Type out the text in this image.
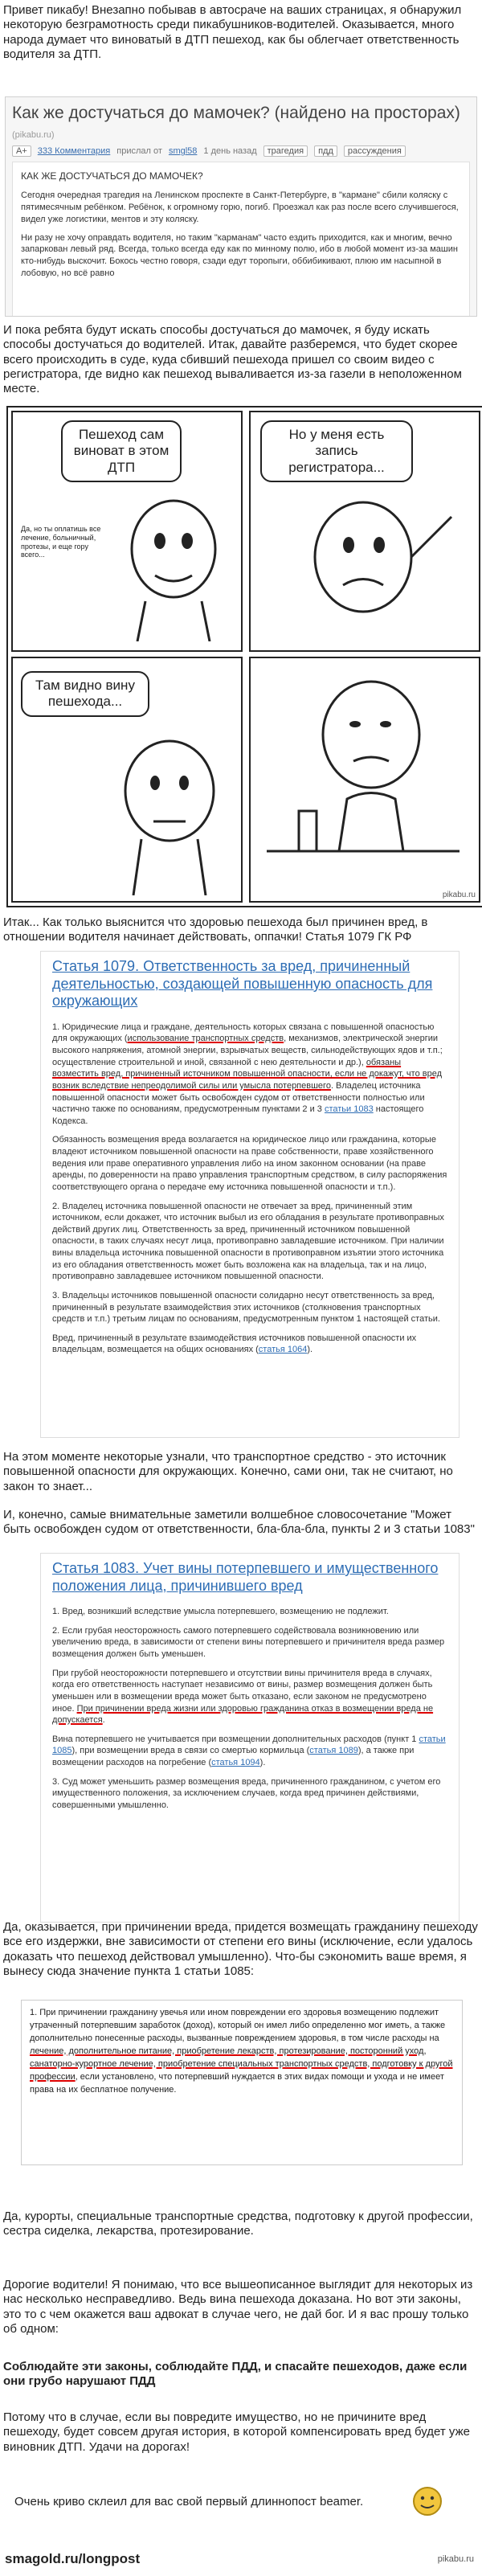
Привет пикабу! Внезапно побывав в автосраче на ваших страницах, я обнаружил некоторую безграмотность среди пикабушников-водителей. Оказывается, много народа думает что виноватый в ДТП пешеход, как бы облегчает ответственность водителя за ДТП.

Как же достучаться до мамочек? (найдено на просторах) (pikabu.ru)
A+	333 Комментария прислал от smgl58 1 день назад	трагедия	пдд	рассуждения
КАК ЖЕ ДОСТУЧАТЬСЯ ДО МАМОЧЕК?

Сегодня очередная трагедия на Ленинском проспекте в Санкт-Петербурге, в "кармане" сбили коляску с пятимесячным ребёнком. Ребёнок, к огромному горю, погиб. Проезжал как раз после всего случившегося, видел уже логистики, ментов и эту коляску.

Ни разу не хочу оправдать водителя, но таким "карманам" часто ездить приходится, как и многим, вечно запаркован левый ряд. Всегда, только всегда еду как по минному полю, ибо в любой момент из-за машин кто-нибудь выскочит. Бокось честно говоря, сзади едут торопыги, оббибикивают, плюю им насыпной в лобовую, но всё равно

И пока ребята будут искать способы достучаться до мамочек, я буду искать способы достучаться до водителей. Итак, давайте разберемся, что будет скорее всего происходить в суде, куда сбивший пешехода пришел со своим видео с регистратора, где видно как пешеход вываливается из-за газели в неположенном месте.

Пешеход сам виноват в этом ДТП
Да, но ты оплатишь все лечение, больничный, протезы, и еще гору всего...
Но у меня есть запись регистратора...
Там видно вину пешехода...
pikabu.ru

Итак... Как только выяснится что здоровью пешехода был причинен вред, в отношении водителя начинает действовать, оппачки! Статья 1079 ГК РФ

Статья 1079. Ответственность за вред, причиненный деятельностью, создающей повышенную опасность для окружающих

1. Юридические лица и граждане, деятельность которых связана с повышенной опасностью для окружающих (использование транспортных средств, механизмов, электрической энергии высокого напряжения, атомной энергии, взрывчатых веществ, сильнодействующих ядов и т.п.; осуществление строительной и иной, связанной с нею деятельности и др.), обязаны возместить вред, причиненный источником повышенной опасности, если не докажут, что вред возник вследствие непреодолимой силы или умысла потерпевшего. Владелец источника повышенной опасности может быть освобожден судом от ответственности полностью или частично также по основаниям, предусмотренным пунктами 2 и 3 статьи 1083 настоящего Кодекса.

Обязанность возмещения вреда возлагается на юридическое лицо или гражданина, которые владеют источником повышенной опасности на праве собственности, праве хозяйственного ведения или праве оперативного управления либо на ином законном основании (на праве аренды, по доверенности на право управления транспортным средством, в силу распоряжения соответствующего органа о передаче ему источника повышенной опасности и т.п.).

2. Владелец источника повышенной опасности не отвечает за вред, причиненный этим источником, если докажет, что источник выбыл из его обладания в результате противоправных действий других лиц. Ответственность за вред, причиненный источником повышенной опасности, в таких случаях несут лица, противоправно завладевшие источником. При наличии вины владельца источника повышенной опасности в противоправном изъятии этого источника из его обладания ответственность может быть возложена как на владельца, так и на лицо, противоправно завладевшее источником повышенной опасности.

3. Владельцы источников повышенной опасности солидарно несут ответственность за вред, причиненный в результате взаимодействия этих источников (столкновения транспортных средств и т.п.) третьим лицам по основаниям, предусмотренным пунктом 1 настоящей статьи.

Вред, причиненный в результате взаимодействия источников повышенной опасности их владельцам, возмещается на общих основаниях (статья 1064).

На этом моменте некоторые узнали, что транспортное средство - это источник повышенной опасности для окружающих. Конечно, сами они, так не считают, но закон то знает...

И, конечно, самые внимательные заметили волшебное словосочетание "Может быть освобожден судом от ответственности, бла-бла-бла, пункты 2 и 3 статьи 1083"

Статья 1083. Учет вины потерпевшего и имущественного положения лица, причинившего вред

1. Вред, возникший вследствие умысла потерпевшего, возмещению не подлежит.

2. Если грубая неосторожность самого потерпевшего содействовала возникновению или увеличению вреда, в зависимости от степени вины потерпевшего и причинителя вреда размер возмещения должен быть уменьшен.

При грубой неосторожности потерпевшего и отсутствии вины причинителя вреда в случаях, когда его ответственность наступает независимо от вины, размер возмещения должен быть уменьшен или в возмещении вреда может быть отказано, если законом не предусмотрено иное. При причинении вреда жизни или здоровью гражданина отказ в возмещении вреда не допускается.

Вина потерпевшего не учитывается при возмещении дополнительных расходов (пункт 1 статьи 1085), при возмещении вреда в связи со смертью кормильца (статья 1089), а также при возмещении расходов на погребение (статья 1094).

3. Суд может уменьшить размер возмещения вреда, причиненного гражданином, с учетом его имущественного положения, за исключением случаев, когда вред причинен действиями, совершенными умышленно.

Да, оказывается, при причинении вреда, придется возмещать гражданину пешеходу все его издержки, вне зависимости от степени его вины (исключение, если удалось доказать что пешеход действовал умышленно). Что-бы сэкономить ваше время, я вынесу сюда значение пункта 1 статьи 1085:

1. При причинении гражданину увечья или ином повреждении его здоровья возмещению подлежит утраченный потерпевшим заработок (доход), который он имел либо определенно мог иметь, а также дополнительно понесенные расходы, вызванные повреждением здоровья, в том числе расходы на лечение, дополнительное питание, приобретение лекарств, протезирование, посторонний уход, санаторно-курортное лечение, приобретение специальных транспортных средств, подготовку к другой профессии, если установлено, что потерпевший нуждается в этих видах помощи и ухода и не имеет права на их бесплатное получение.

Да, курорты, специальные транспортные средства, подготовку к другой профессии, сестра сиделка, лекарства, протезирование.

Дорогие водители! Я понимаю, что все вышеописанное выглядит для некоторых из нас несколько несправедливо. Ведь вина пешехода доказана. Но вот эти законы, это то с чем окажется ваш адвокат в случае чего, не дай бог. И я вас прошу только об одном:

Соблюдайте эти законы, соблюдайте ПДД, и спасайте пешеходов, даже если они грубо нарушают ПДД

Потому что в случае, если вы повредите имущество, но не причините вред пешеходу, будет совсем другая история, в которой компенсировать вред будет уже виновник ДТП. Удачи на дорогах!

Очень криво склеил для вас свой первый длиннопост beamer.

smagold.ru/longpost	pikabu.ru
